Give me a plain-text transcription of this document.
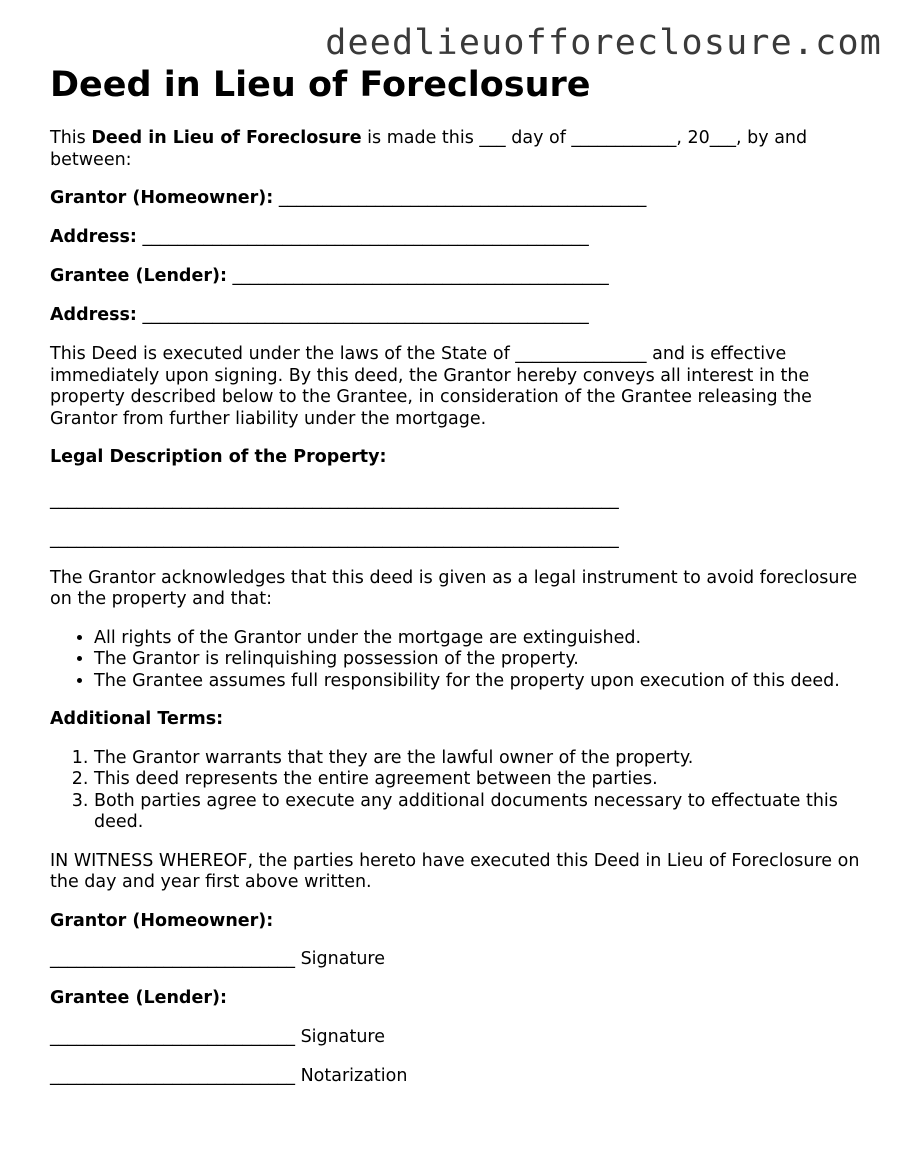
deedlieuofforeclosure.com
Deed in Lieu of Foreclosure

This Deed in Lieu of Foreclosure is made this ___ day of ____________, 20___, by and between:

Grantor (Homeowner): __________________________________________
Address: ___________________________________________________
Grantee (Lender): ___________________________________________
Address: ___________________________________________________

This Deed is executed under the laws of the State of _______________ and is effective immediately upon signing. By this deed, the Grantor hereby conveys all interest in the property described below to the Grantee, in consideration of the Grantee releasing the Grantor from further liability under the mortgage.

Legal Description of the Property:
_________________________________________________________________
_________________________________________________________________

The Grantor acknowledges that this deed is given as a legal instrument to avoid foreclosure on the property and that:

• All rights of the Grantor under the mortgage are extinguished.
• The Grantor is relinquishing possession of the property.
• The Grantee assumes full responsibility for the property upon execution of this deed.
Additional Terms:
1. The Grantor warrants that they are the lawful owner of the property.
2. This deed represents the entire agreement between the parties.
3. Both parties agree to execute any additional documents necessary to effectuate this deed.

IN WITNESS WHEREOF, the parties hereto have executed this Deed in Lieu of Foreclosure on the day and year first above written.

Grantor (Homeowner):
____________________________ Signature
Grantee (Lender):
____________________________ Signature
____________________________ Notarization
